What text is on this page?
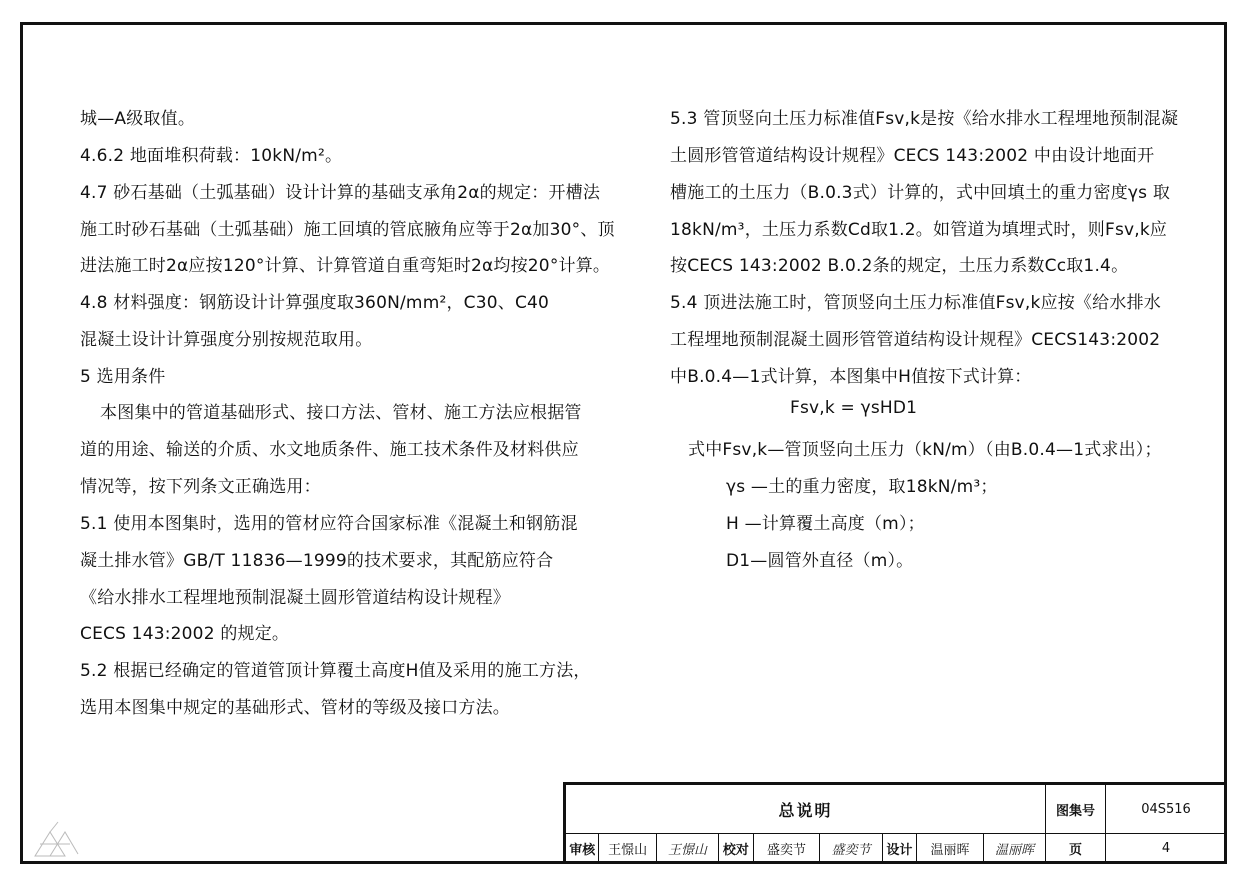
城—A级取值。
4.6.2 地面堆积荷载：10kN/m²。
4.7 砂石基础（土弧基础）设计计算的基础支承角2α的规定：开槽法
施工时砂石基础（土弧基础）施工回填的管底腋角应等于2α加30°、顶
进法施工时2α应按120°计算、计算管道自重弯矩时2α均按20°计算。
4.8 材料强度：钢筋设计计算强度取360N/mm²，C30、C40
混凝土设计计算强度分别按规范取用。
5 选用条件
本图集中的管道基础形式、接口方法、管材、施工方法应根据管
道的用途、输送的介质、水文地质条件、施工技术条件及材料供应
情况等，按下列条文正确选用：
5.1 使用本图集时，选用的管材应符合国家标准《混凝土和钢筋混
凝土排水管》GB/T 11836—1999的技术要求，其配筋应符合
《给水排水工程埋地预制混凝土圆形管道结构设计规程》
CECS 143:2002 的规定。
5.2 根据已经确定的管道管顶计算覆土高度H值及采用的施工方法，
选用本图集中规定的基础形式、管材的等级及接口方法。
5.3 管顶竖向土压力标准值Fsv,k是按《给水排水工程埋地预制混凝
土圆形管管道结构设计规程》CECS 143:2002 中由设计地面开
槽施工的土压力（B.0.3式）计算的，式中回填土的重力密度γs 取
18kN/m³，土压力系数Cd取1.2。如管道为填埋式时，则Fsv,k应
按CECS 143:2002 B.0.2条的规定，土压力系数Cc取1.4。
5.4 顶进法施工时，管顶竖向土压力标准值Fsv,k应按《给水排水
工程埋地预制混凝土圆形管管道结构设计规程》CECS143:2002
中B.0.4—1式计算，本图集中H值按下式计算：
Fsv,k = γsHD1
式中Fsv,k—管顶竖向土压力（kN/m）（由B.0.4—1式求出）；
γs —土的重力密度，取18kN/m³；
H —计算覆土高度（m）；
D1—圆管外直径（m）。
总说明									图集号	04S516
审核	王憬山	王憬山	校对	盛奕节	盛奕节	设计	温丽晖	温丽晖	页	4
